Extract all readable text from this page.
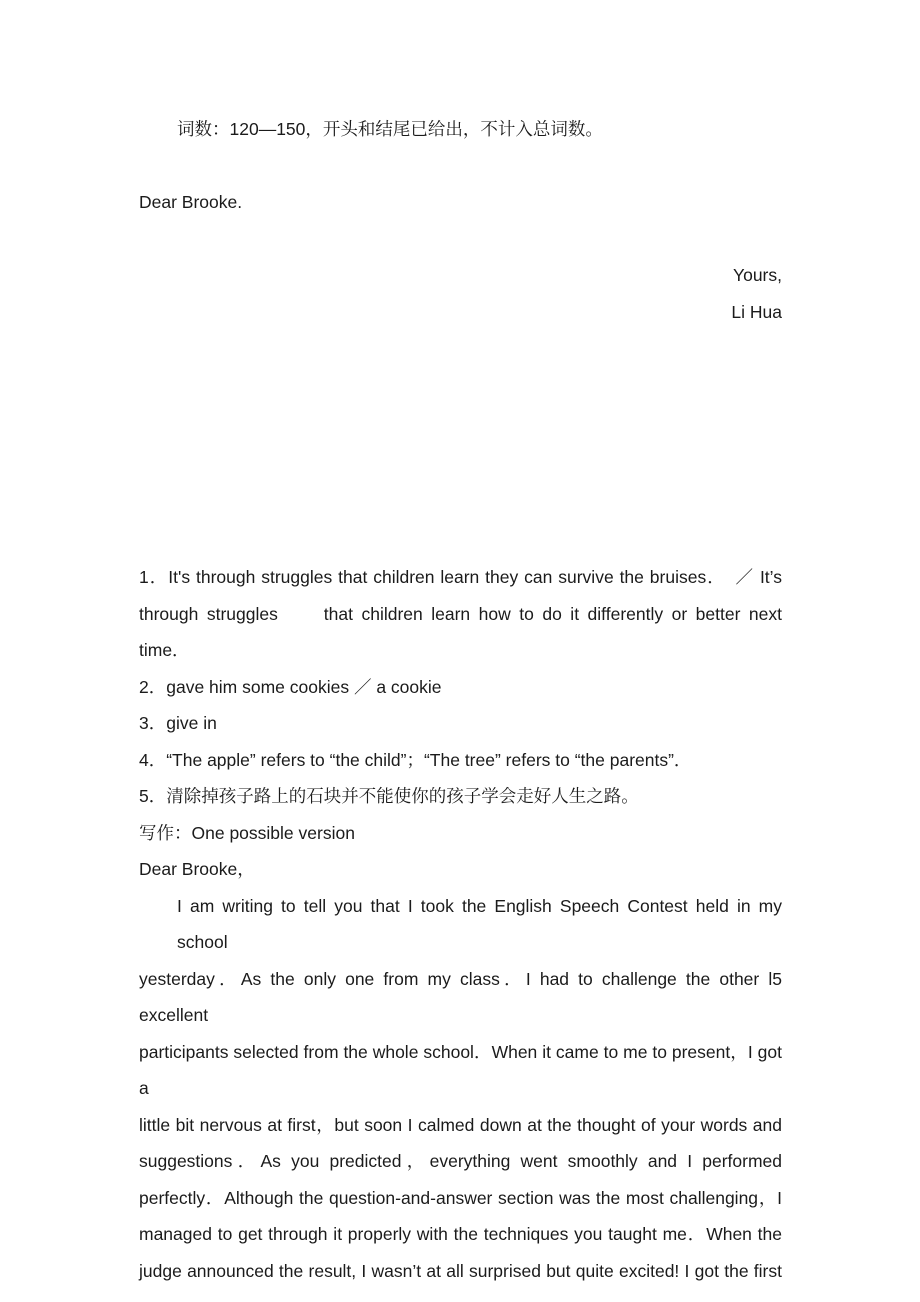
词数：120—150，开头和结尾已给出，不计入总词数。
Dear Brooke.
Yours,
Li Hua
1．It's through struggles that children learn they can survive the bruises．　／ It’s
through struggles　　that children learn how to do it differently or better next
time．
2．gave him some cookies ／ a cookie
3．give in
4．“The apple” refers to “the child”；“The tree” refers to “the parents”．
5．清除掉孩子路上的石块并不能使你的孩子学会走好人生之路。
写作：One possible version
Dear Brooke，
I am writing to tell you that I took the English Speech Contest held in my school
yesterday．As the only one from my class．I had to challenge the other l5 excellent
participants selected from the whole school．When it came to me to present，I got a
little bit nervous at first，but soon I calmed down at the thought of your words and
suggestions．As you predicted，everything went smoothly and I performed
perfectly．Although the question-and-answer section was the most challenging，I
managed to get through it properly with the techniques you taught me．When the
judge announced the result, I wasn’t at all surprised but quite excited! I got the first
